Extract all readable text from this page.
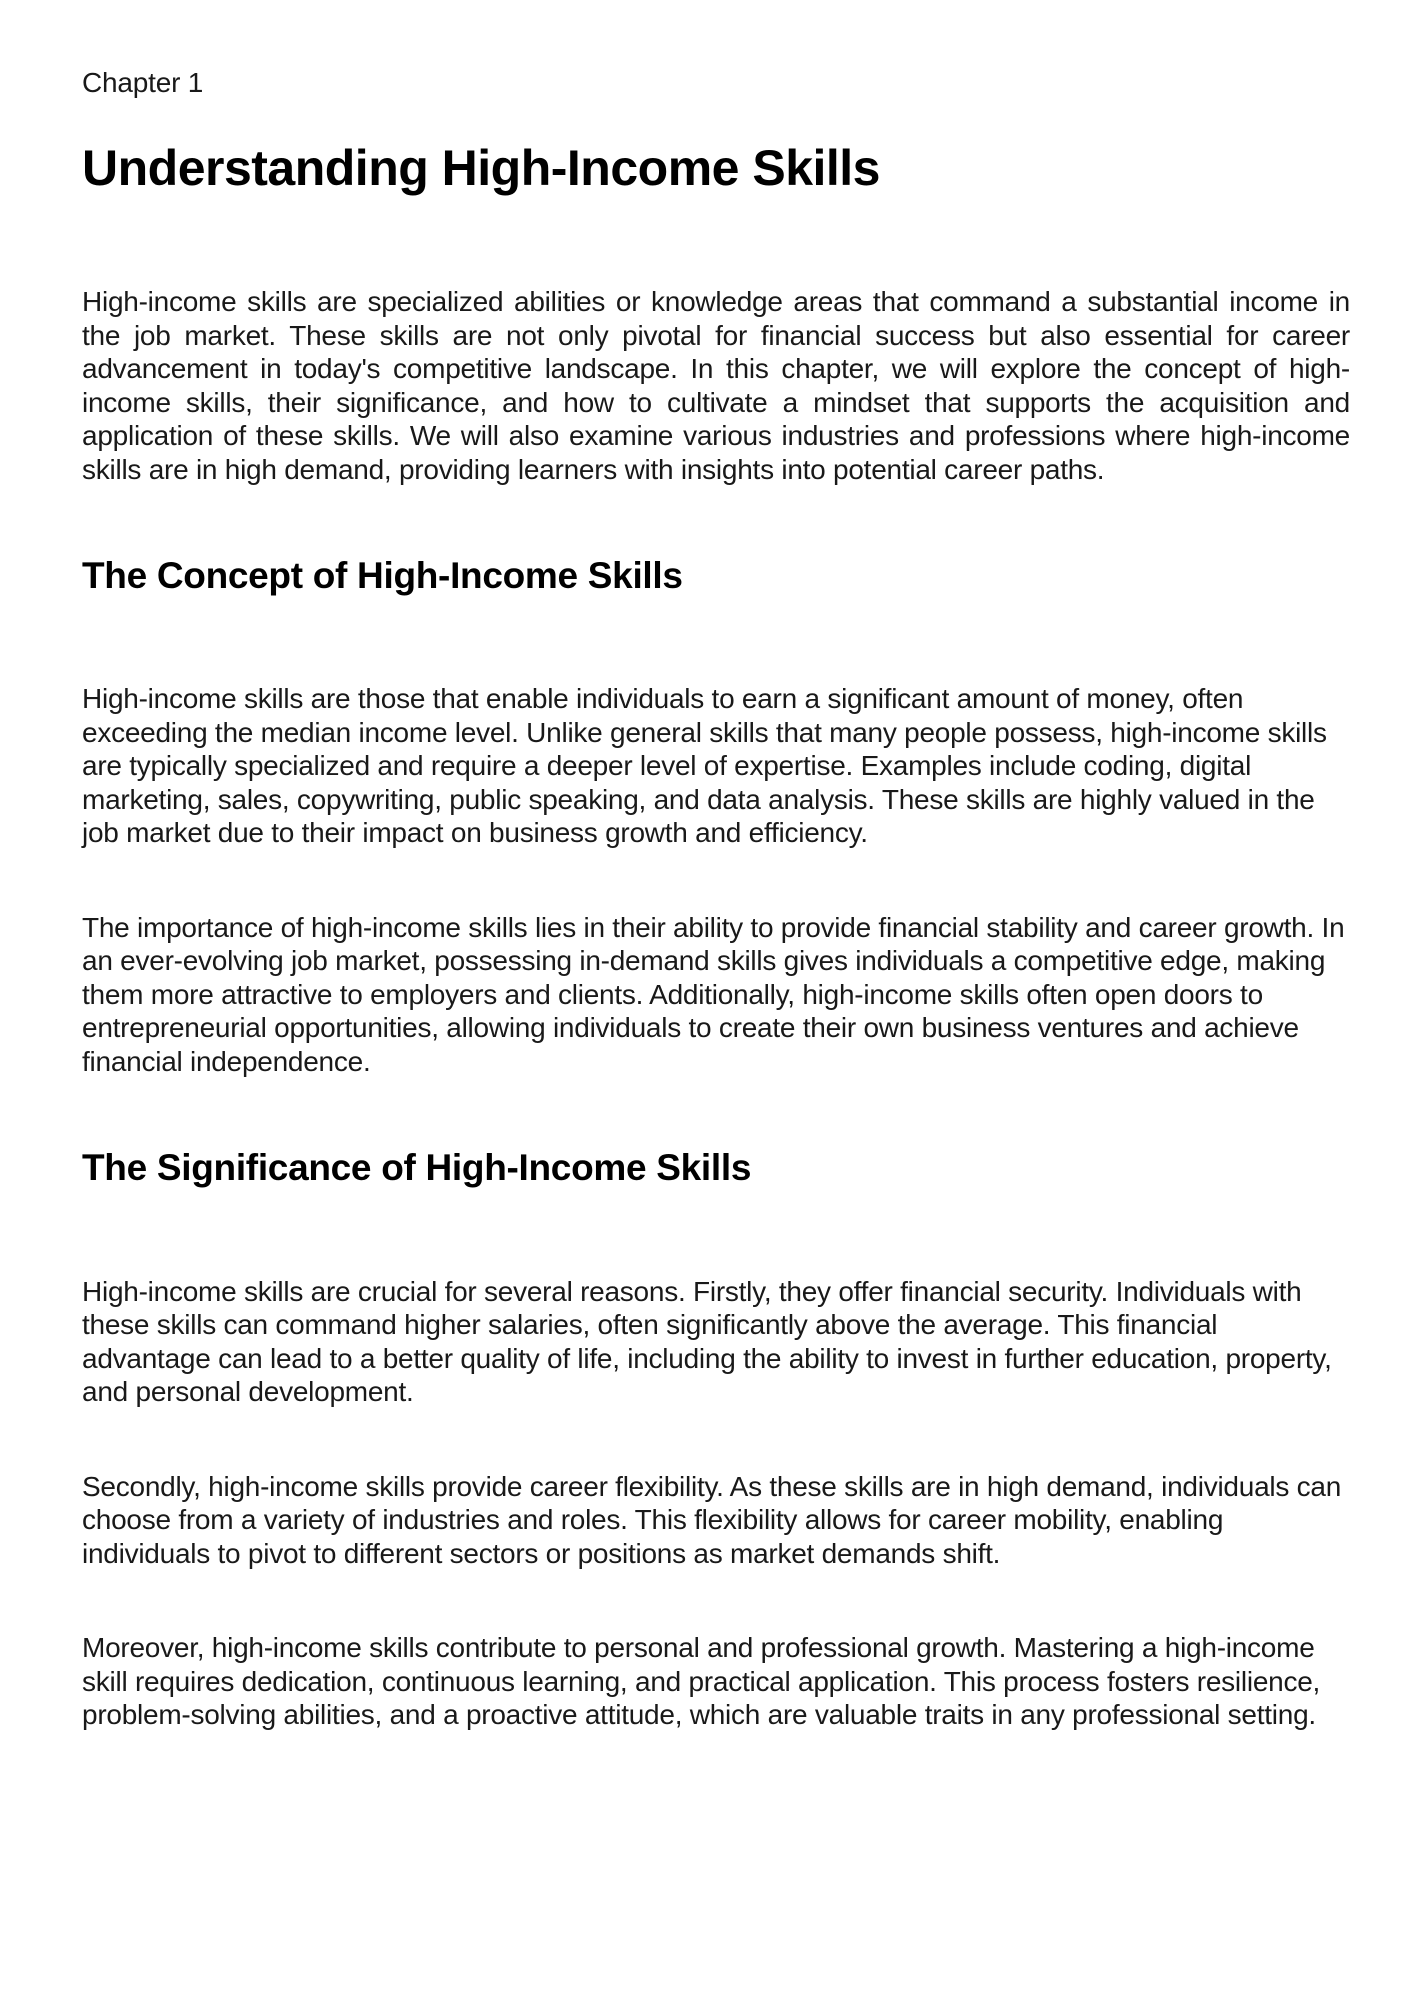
Chapter 1

Understanding High-Income Skills

High-income skills are specialized abilities or knowledge areas that command a substantial income in the job market. These skills are not only pivotal for financial success but also essential for career advancement in today's competitive landscape. In this chapter, we will explore the concept of high-income skills, their significance, and how to cultivate a mindset that supports the acquisition and application of these skills. We will also examine various industries and professions where high-income skills are in high demand, providing learners with insights into potential career paths.

The Concept of High-Income Skills

High-income skills are those that enable individuals to earn a significant amount of money, often exceeding the median income level. Unlike general skills that many people possess, high-income skills are typically specialized and require a deeper level of expertise. Examples include coding, digital marketing, sales, copywriting, public speaking, and data analysis. These skills are highly valued in the job market due to their impact on business growth and efficiency.

The importance of high-income skills lies in their ability to provide financial stability and career growth. In an ever-evolving job market, possessing in-demand skills gives individuals a competitive edge, making them more attractive to employers and clients. Additionally, high-income skills often open doors to entrepreneurial opportunities, allowing individuals to create their own business ventures and achieve financial independence.

The Significance of High-Income Skills

High-income skills are crucial for several reasons. Firstly, they offer financial security. Individuals with these skills can command higher salaries, often significantly above the average. This financial advantage can lead to a better quality of life, including the ability to invest in further education, property, and personal development.

Secondly, high-income skills provide career flexibility. As these skills are in high demand, individuals can choose from a variety of industries and roles. This flexibility allows for career mobility, enabling individuals to pivot to different sectors or positions as market demands shift.

Moreover, high-income skills contribute to personal and professional growth. Mastering a high-income skill requires dedication, continuous learning, and practical application. This process fosters resilience, problem-solving abilities, and a proactive attitude, which are valuable traits in any professional setting.
